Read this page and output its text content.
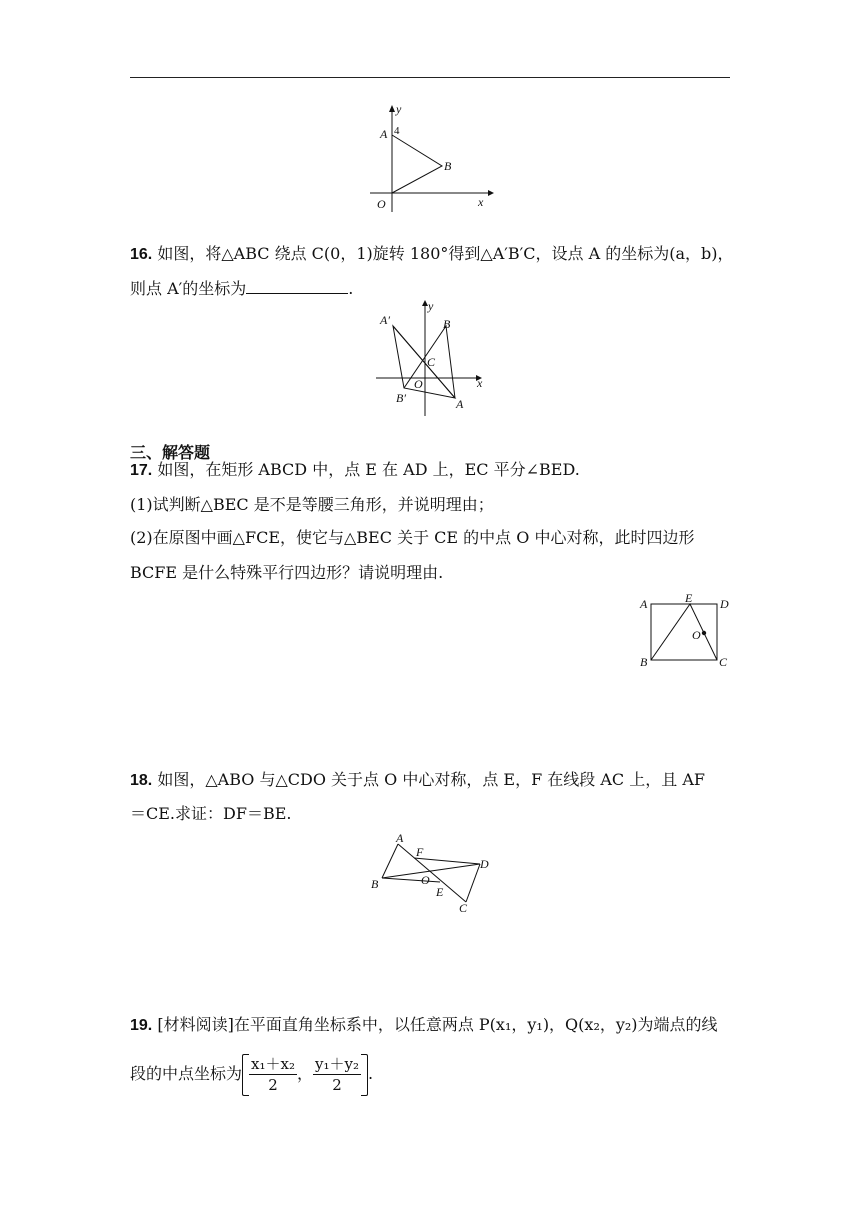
A 4
B
O
y
x
16. 如图，将△ABC 绕点 C(0，1)旋转 180°得到△A′B′C，设点 A 的坐标为(a，b)，
则点 A′的坐标为	.
A′
y
B
C
O	x
B′	A
三、解答题
17. 如图，在矩形 ABCD 中，点 E 在 AD 上，EC 平分∠BED.
(1)试判断△BEC 是不是等腰三角形，并说明理由；
(2)在原图中画△FCE，使它与△BEC 关于 CE 的中点 O 中心对称，此时四边形
BCFE 是什么特殊平行四边形？请说明理由.
A	E D
O
B	C
18. 如图，△ABO 与△CDO 关于点 O 中心对称，点 E，F 在线段 AC 上，且 AF
＝CE.求证：DF＝BE.
A
F
D
B	O
E
C
19. [材料阅读]在平面直角坐标系中，以任意两点 P(x₁，y₁)，Q(x₂，y₂)为端点的线
段的中点坐标为 $\frac{\text{x₁＋x₂}}{2}$ ， $\frac{\text{y₁＋y₂}}{2}$ .
